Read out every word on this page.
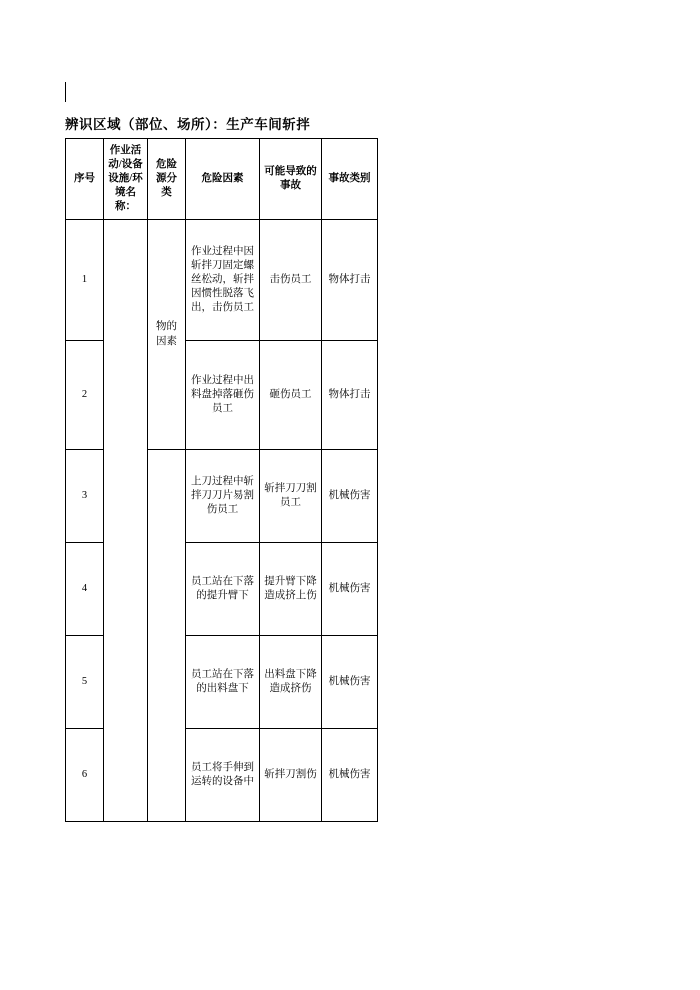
辨识区域（部位、场所）：生产车间斩拌
序号	作业活动/设备设施/环境名称：	危险源分类	危险因素	可能导致的事故	事故类别
1		物的因素	作业过程中因斩拌刀固定螺丝松动，斩拌因惯性脱落飞出，击伤员工	击伤员工	物体打击
2			作业过程中出料盘掉落砸伤员工	砸伤员工	物体打击
3			上刀过程中斩拌刀刀片易割伤员工	斩拌刀刀割员工	机械伤害
4			员工站在下落的提升臂下	提升臂下降造成挤上伤	机械伤害
5			员工站在下落的出料盘下	出料盘下降造成挤伤	机械伤害
6			员工将手伸到运转的设备中	斩拌刀割伤	机械伤害
